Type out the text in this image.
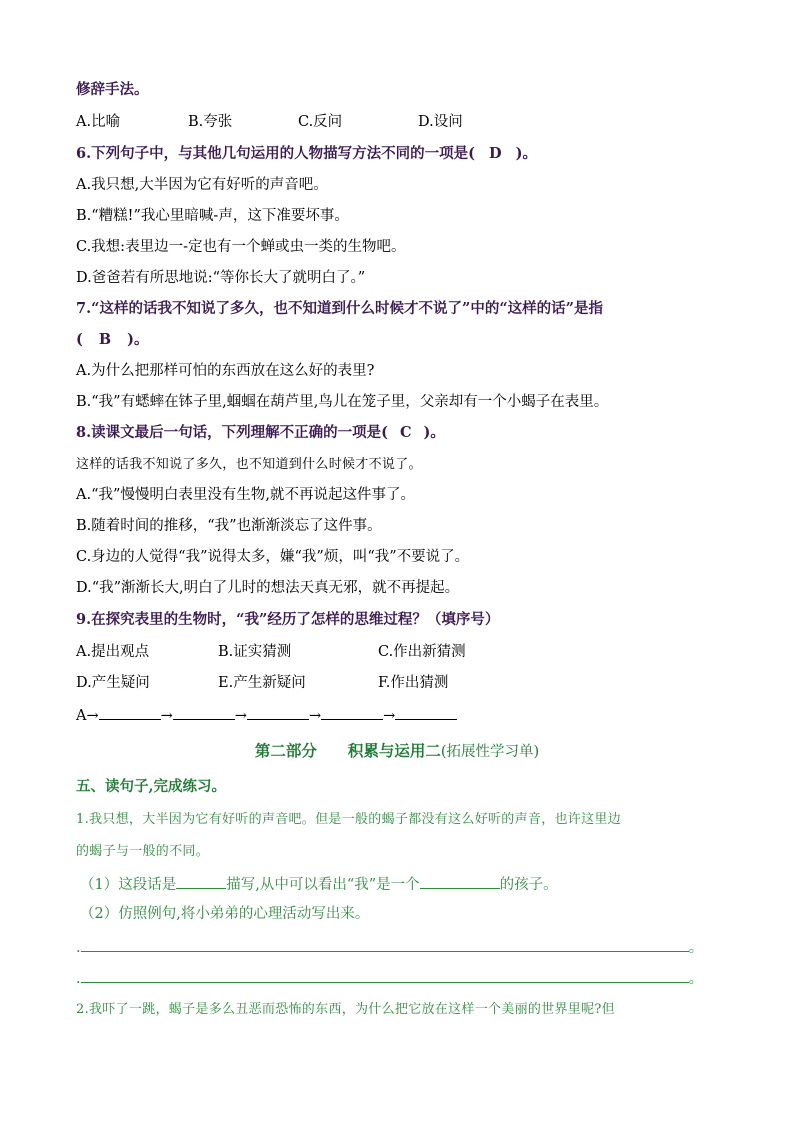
修辞手法。
A.比喻	B.夸张	C.反问	D.设问
6.下列句子中，与其他几句运用的人物描写方法不同的一项是( D )。
A.我只想,大半因为它有好听的声音吧。
B.“糟糕!”我心里暗喊-声，这下准要坏事。
C.我想:表里边一-定也有一个蝉或虫一类的生物吧。
D.爸爸若有所思地说:“等你长大了就明白了。”
7.“这样的话我不知说了多久，也不知道到什么时候才不说了”中的“这样的话”是指
( B )。
A.为什么把那样可怕的东西放在这么好的表里?
B.“我”有蟋蟀在钵子里,蝈蝈在葫芦里,鸟儿在笼子里，父亲却有一个小蝎子在表里。
8.读课文最后一句话，下列理解不正确的一项是( C )。
这样的话我不知说了多久，也不知道到什么时候才不说了。
A.“我”慢慢明白表里没有生物,就不再说起这件事了。
B.随着时间的推移，“我”也渐渐淡忘了这件事。
C.身边的人觉得“我”说得太多，嫌“我”烦，叫“我”不要说了。
D.“我”渐渐长大,明白了儿时的想法天真无邪，就不再提起。
9.在探究表里的生物时，“我”经历了怎样的思维过程？（填序号）
A.提出观点	B.证实猜测	C.作出新猜测
D.产生疑问	E.产生新疑问	F.作出猜测
A→	→	→	→	→
第二部分　　积累与运用二(拓展性学习单)
五、读句子,完成练习。
1.我只想，大半因为它有好听的声音吧。但是一般的蝎子都没有这么好听的声音，也许这里边
的蝎子与一般的不同。
（1）这段话是	描写,从中可以看出“我”是一个	的孩子。
（2）仿照例句,将小弟弟的心理活动写出来。
.	。
.	。
2.我吓了一跳，蝎子是多么丑恶而恐怖的东西，为什么把它放在这样一个美丽的世界里呢?但
